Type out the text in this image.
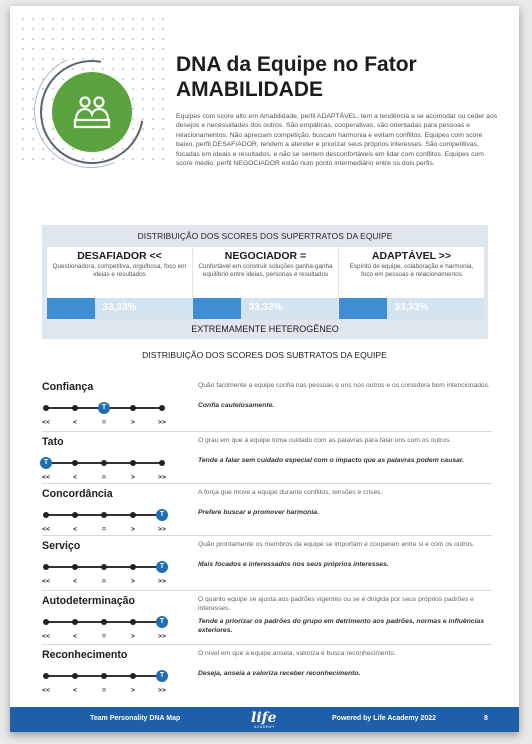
DNA da Equipe no Fator AMABILIDADE

Equipes com score alto em Amabilidade, perfil ADAPTÁVEL, tem a tendência a se acomodar ou ceder aos desejos e necessidades dos outros. São empáticas, cooperativas, são orientadas para pessoas e relacionamentos. Não apreciam competição, buscam harmonia e evitam conflitos. Equipes com score baixo, perfil DESAFIADOR, tendem a atender e priorizar seus próprios interesses. São competitivas, focadas em ideais e resultados, e não se sentem desconfortáveis em lidar com conflitos. Equipes com score médio, perfil NEGOCIADOR estão num ponto intermediário entre os dois perfis.

DISTRIBUIÇÃO DOS SCORES DOS SUPERTRATOS DA EQUIPE
DESAFIADOR <<

Questionadora, competitiva, orgulhosa, foco em ideias e resultados

33,33%
NEGOCIADOR =

Confortável em construir soluções ganha-ganha equilíbrio entre ideias, personas e resultados

33,33%
ADAPTÁVEL >>

Espírito de equipe, colaboração e harmonia, foco em pessoas e relacionamentos

33,33%
EXTREMAMENTE HETEROGÊNEO
DISTRIBUIÇÃO DOS SCORES DOS SUBTRATOS DA EQUIPE
Confiança
<<	<	=	>	>>
T
Quão facilmente a equipe confia nas pessoas e uns nos outros e os considera bem intencionados.
Confia cautelosamente.
Tato
<<	<	=	>	>>
T
O grau em que a equipe toma cuidado com as palavras para falar uns com os outros.
Tende a falar sem cuidado especial com o impacto que as palavras podem causar.
Concordância
<<	<	=	>	>>
T
A força que move a equipe durante conflitos, tensões e crises.
Prefere buscar e promover harmonia.
Serviço
<<	<	=	>	>>
T
Quão prontamente os membros da equipe se importam e cooperam entre si e com os outros.
Mais focados e interessados nos seus próprios interesses.
Autodeterminação
<<	<	=	>	>>
T
O quanto equipe se ajusta aos padrões vigentes ou se é dirigida por seus próprios padrões e interesses.
Tende a priorizar os padrões do grupo em detrimento aos padrões, normas e influências exteriores.
Reconhecimento
<<	<	=	>	>>
T
O nível em que a equipe anseia, valoriza e busca reconhecimento.
Deseja, anseia a valoriza receber reconhecimento.
Team Personality DNA Map	life
ACADEMY
Powered by Life Academy 2022	8
